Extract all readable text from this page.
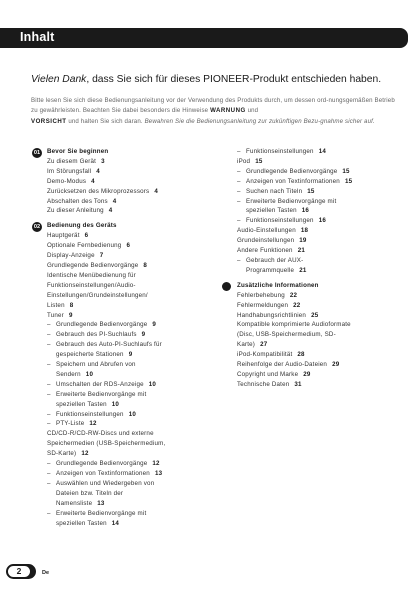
Inhalt
Vielen Dank, dass Sie sich für dieses PIONEER-Produkt entschieden haben.
Bitte lesen Sie sich diese Bedienungsanleitung vor der Verwendung des Produkts durch, um dessen ord-nungsgemäßen Betrieb zu gewährleisten. Beachten Sie dabei besonders die Hinweise WARNUNG und
VORSICHT und halten Sie sich daran. Bewahren Sie die Bedienungsanleitung zur zukünftigen Bezu-gnahme sicher auf.
01	Bevor Sie beginnen
Zu diesem Gerät 3
Im Störungsfall 4
Demo-Modus 4
Zurücksetzen des Mikroprozessors 4
Abschalten des Tons 4
Zu dieser Anleitung 4
02	Bedienung des Geräts
Hauptgerät 6
Optionale Fernbedienung 6
Display-Anzeige 7
Grundlegende Bedienvorgänge 8
Identische Menübedienung für
Funktionseinstellungen/Audio-
Einstellungen/Grundeinstellungen/
Listen 8
Tuner 9
– Grundlegende Bedienvorgänge 9
– Gebrauch des PI-Suchlaufs 9
– Gebrauch des Auto-PI-Suchlaufs für
gespeicherte Stationen 9
– Speichern und Abrufen von
Sendern 10
– Umschalten der RDS-Anzeige 10
– Erweiterte Bedienvorgänge mit
speziellen Tasten 10
– Funktionseinstellungen 10
– PTY-Liste 12
CD/CD-R/CD-RW-Discs und externe
Speichermedien (USB-Speichermedium,
SD-Karte) 12
– Grundlegende Bedienvorgänge 12
– Anzeigen von Textinformationen 13
– Auswählen und Wiedergeben von
Dateien bzw. Titeln der
Namensliste 13
– Erweiterte Bedienvorgänge mit
speziellen Tasten 14
– Funktionseinstellungen 14
iPod 15
– Grundlegende Bedienvorgänge 15
– Anzeigen von Textinformationen 15
– Suchen nach Titeln 15
– Erweiterte Bedienvorgänge mit
speziellen Tasten 16
– Funktionseinstellungen 16
Audio-Einstellungen 18
Grundeinstellungen 19
Andere Funktionen 21
– Gebrauch der AUX-
Programmquelle 21
Zusätzliche Informationen
Fehlerbehebung 22
Fehlermeldungen 22
Handhabungsrichtlinien 25
Kompatible komprimierte Audioformate
(Disc, USB-Speichermedium, SD-
Karte) 27
iPod-Kompatibilität 28
Reihenfolge der Audio-Dateien 29
Copyright und Marke 29
Technische Daten 31
2	De
